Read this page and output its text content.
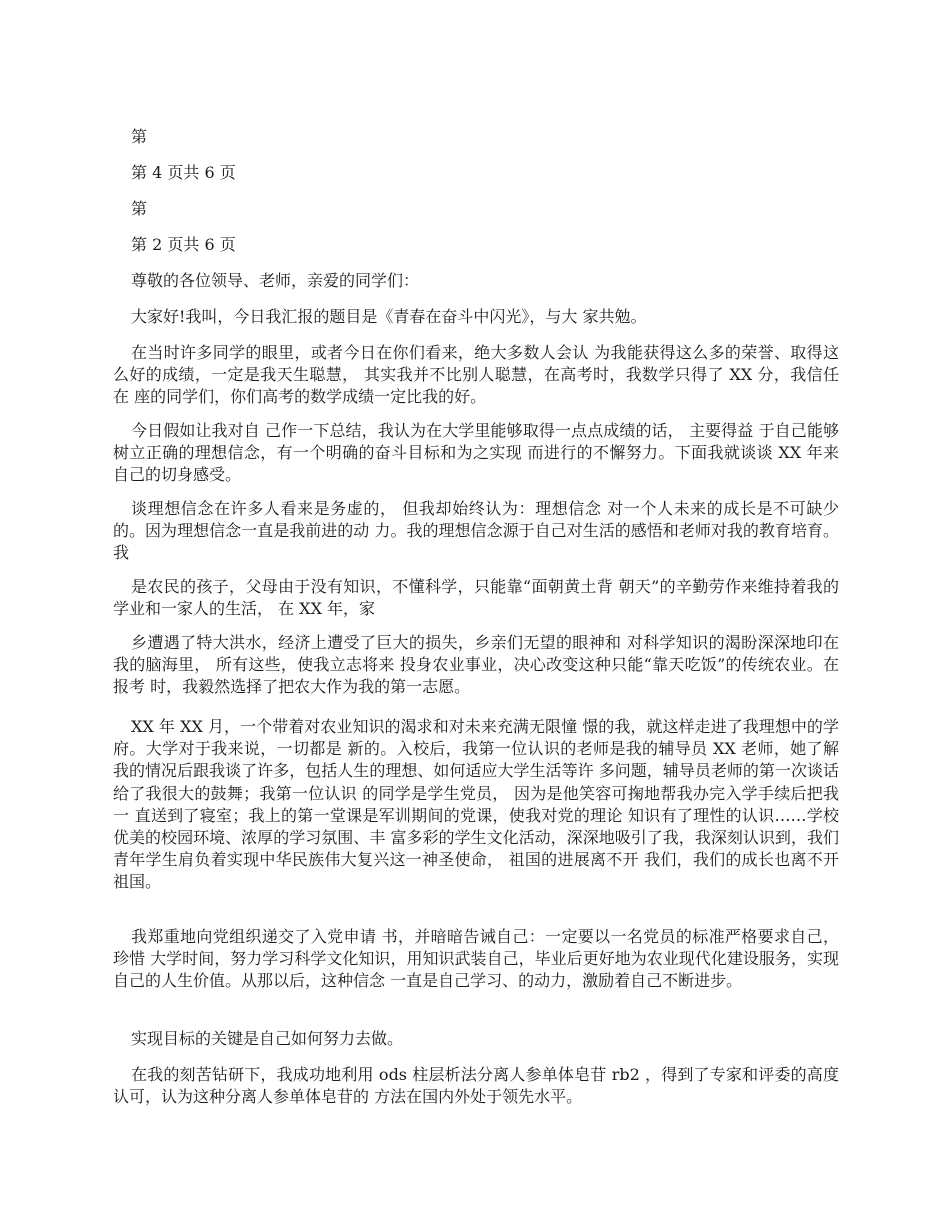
第

第 4 页共 6 页

第

第 2 页共 6 页

尊敬的各位领导、老师，亲爱的同学们：

大家好!我叫，今日我汇报的题目是《青春在奋斗中闪光》，与大 家共勉。

在当时许多同学的眼里，或者今日在你们看来，绝大多数人会认 为我能获得这么多的荣誉、取得这么好的成绩，一定是我天生聪慧， 其实我并不比别人聪慧，在高考时，我数学只得了 XX 分，我信任在 座的同学们，你们高考的数学成绩一定比我的好。

今日假如让我对自 己作一下总结，我认为在大学里能够取得一点点成绩的话， 主要得益 于自己能够树立正确的理想信念，有一个明确的奋斗目标和为之实现 而进行的不懈努力。下面我就谈谈 XX 年来自己的切身感受。

谈理想信念在许多人看来是务虚的， 但我却始终认为：理想信念 对一个人未来的成长是不可缺少的。因为理想信念一直是我前进的动 力。我的理想信念源于自己对生活的感悟和老师对我的教育培育。 我

是农民的孩子，父母由于没有知识，不懂科学，只能靠“面朝黄土背 朝天”的辛勤劳作来维持着我的学业和一家人的生活， 在 XX 年，家

乡遭遇了特大洪水，经济上遭受了巨大的损失，乡亲们无望的眼神和 对科学知识的渴盼深深地印在我的脑海里， 所有这些，使我立志将来 投身农业事业，决心改变这种只能“靠天吃饭”的传统农业。在报考 时，我毅然选择了把农大作为我的第一志愿。

XX 年 XX 月，一个带着对农业知识的渴求和对未来充满无限憧 憬的我，就这样走进了我理想中的学府。大学对于我来说，一切都是 新的。入校后，我第一位认识的老师是我的辅导员 XX 老师，她了解 我的情况后跟我谈了许多，包括人生的理想、如何适应大学生活等许 多问题，辅导员老师的第一次谈话给了我很大的鼓舞；我第一位认识 的同学是学生党员， 因为是他笑容可掬地帮我办完入学手续后把我一 直送到了寝室；我上的第一堂课是军训期间的党课，使我对党的理论 知识有了理性的认识……学校优美的校园环境、浓厚的学习氛围、丰 富多彩的学生文化活动，深深地吸引了我，我深刻认识到，我们青年学生肩负着实现中华民族伟大复兴这一神圣使命， 祖国的进展离不开 我们，我们的成长也离不开祖国。

我郑重地向党组织递交了入党申请 书，并暗暗告诫自己：一定要以一名党员的标准严格要求自己，珍惜 大学时间，努力学习科学文化知识，用知识武装自己，毕业后更好地为农业现代化建设服务，实现自己的人生价值。从那以后，这种信念 一直是自己学习、的动力，激励着自己不断进步。

实现目标的关键是自己如何努力去做。

在我的刻苦钻研下，我成功地利用 ods 柱层析法分离人参单体皂苷 rb2 ，得到了专家和评委的高度认可，认为这种分离人参单体皂苷的 方法在国内外处于领先水平。
